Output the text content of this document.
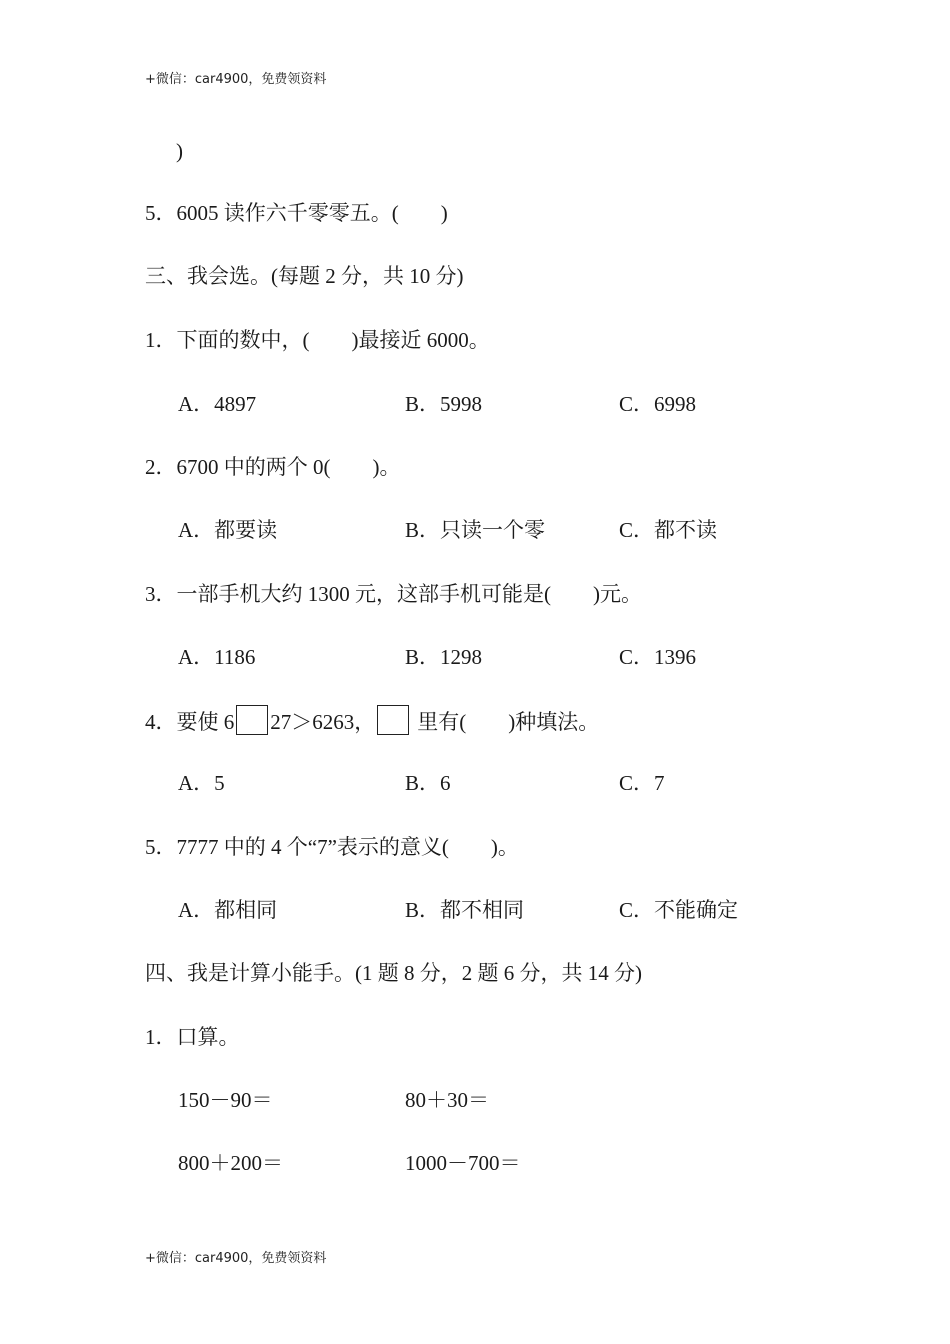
+微信：car4900，免费领资料
)
5．6005 读作六千零零五。(　　)
三、我会选。(每题 2 分，共 10 分)
1．下面的数中，(　　)最接近 6000。
A．4897	B．5998	C．6998
2．6700 中的两个 0(　　)。
A．都要读	B．只读一个零	C．都不读
3．一部手机大约 1300 元，这部手机可能是(　　)元。
A．1186	B．1298	C．1396
4．要使 6 27＞6263， 里有(　　)种填法。
A．5	B．6	C．7
5．7777 中的 4 个“7”表示的意义(　　)。
A．都相同	B．都不相同	C．不能确定
四、我是计算小能手。(1 题 8 分，2 题 6 分，共 14 分)
1．口算。
150－90＝	80＋30＝
800＋200＝	1000－700＝
+微信：car4900，免费领资料
